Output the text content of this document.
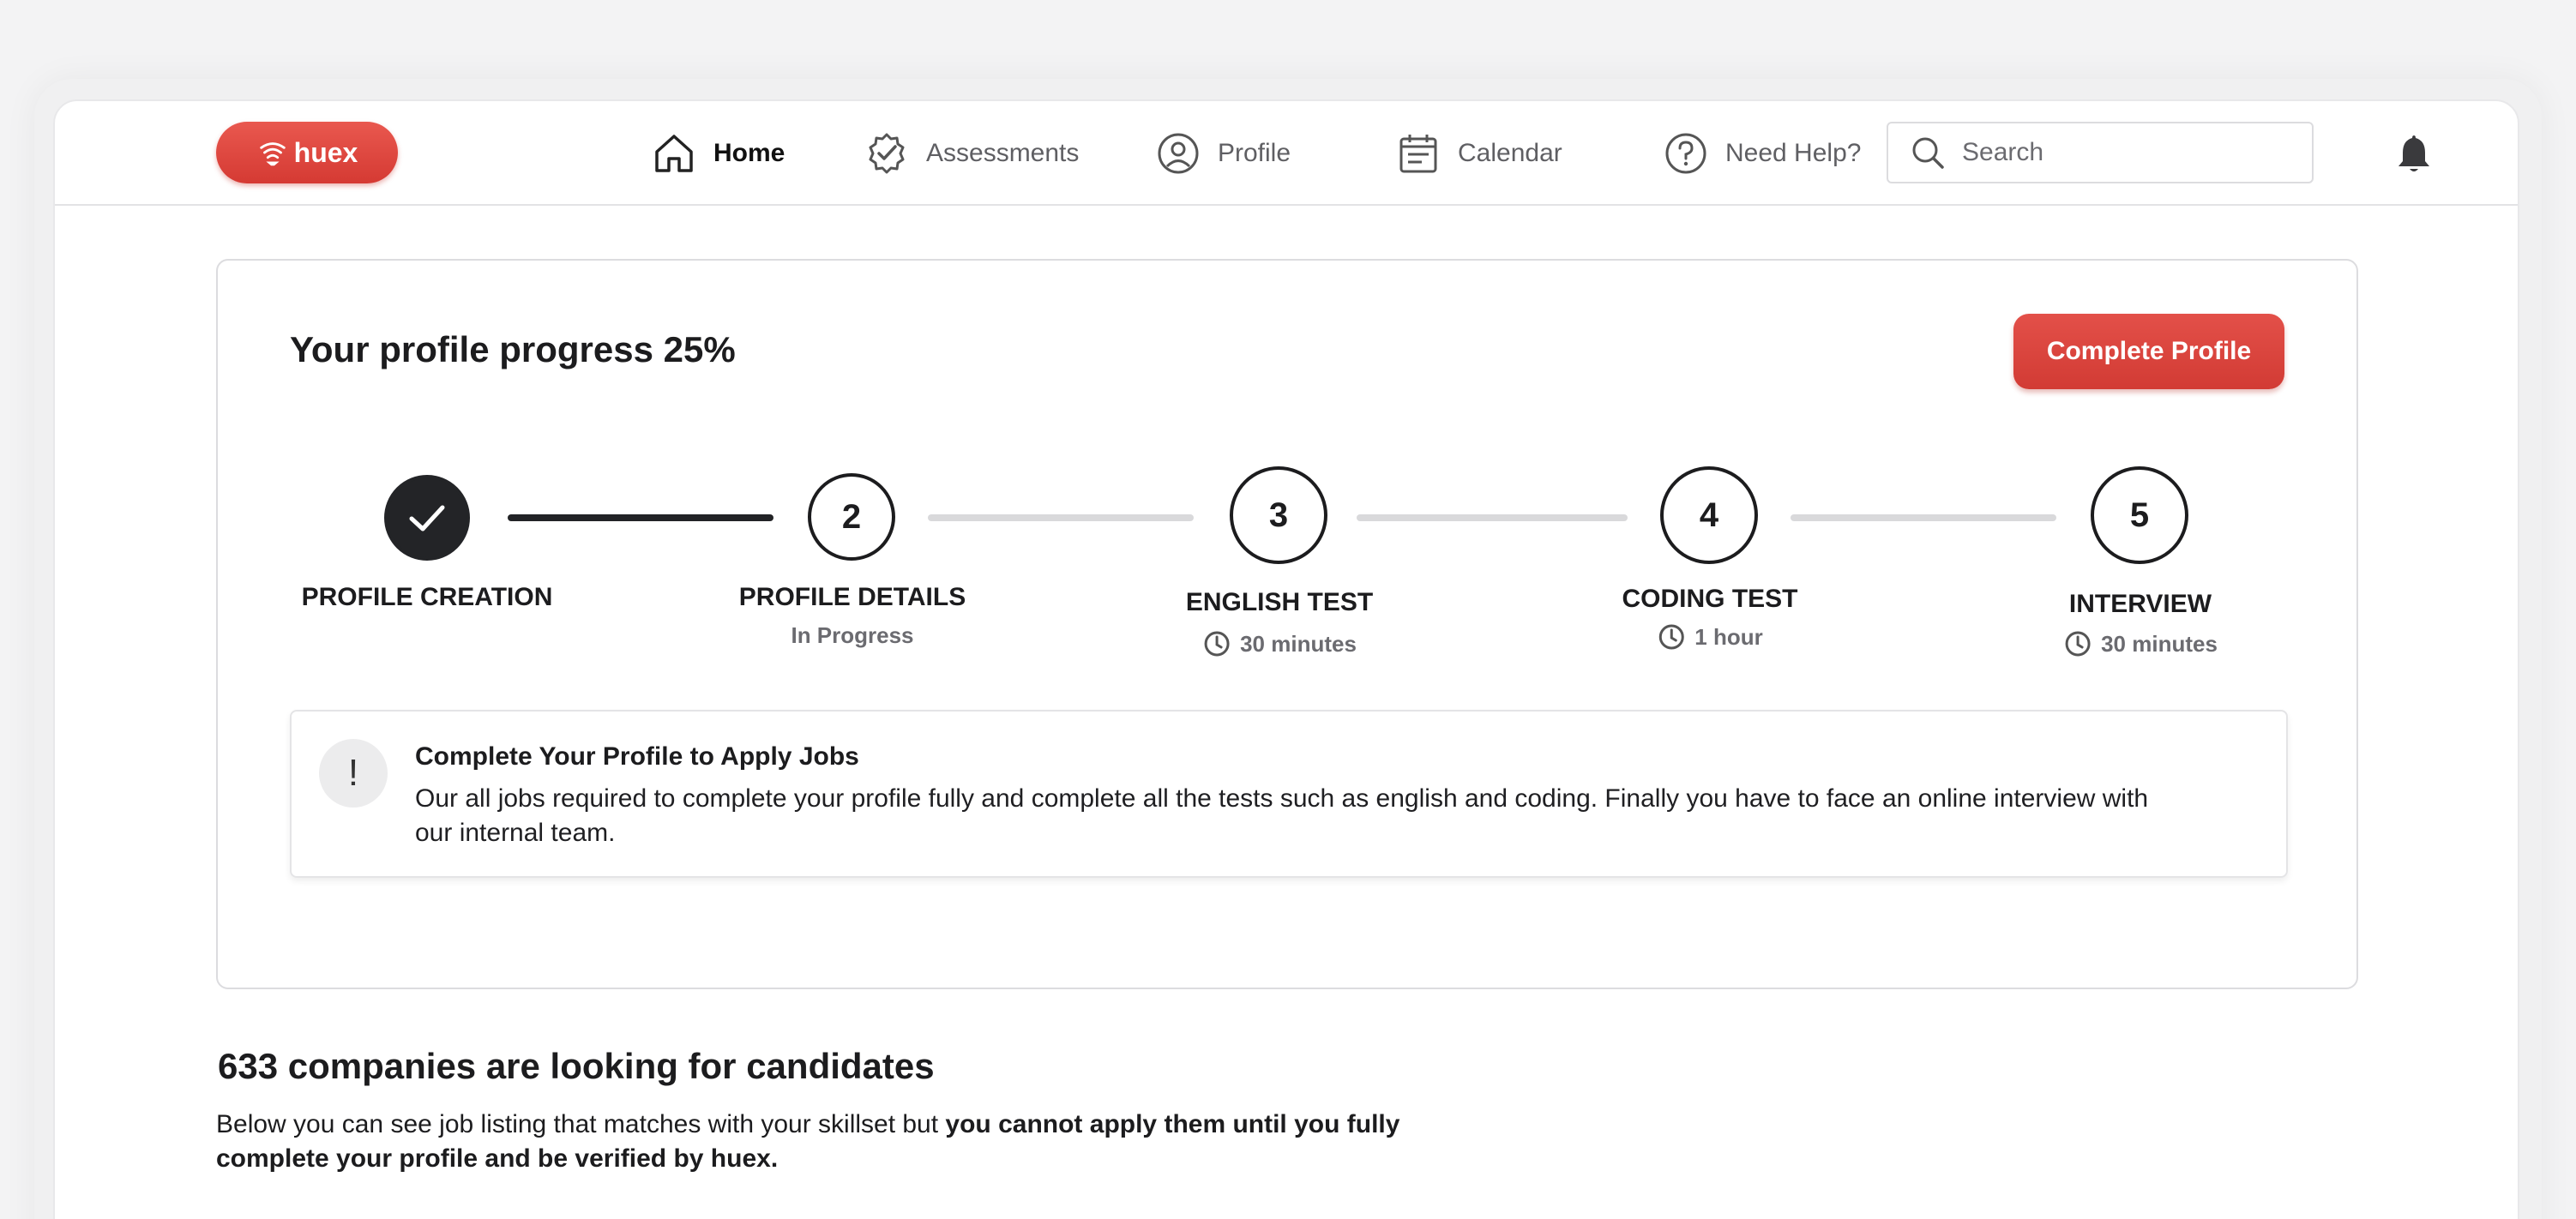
huex	Home	Assessments	Profile	Calendar	Need Help?
Search
Your profile progress 25%	Complete Profile
PROFILE CREATION
2
PROFILE DETAILS
In Progress
3
ENGLISH TEST
30 minutes
4
CODING TEST
1 hour
5
INTERVIEW
30 minutes
!	Complete Your Profile to Apply Jobs
Our all jobs required to complete your profile fully and complete all the tests such as english and coding. Finally you have to face an online interview with our internal team.
633 companies are looking for candidates
Below you can see job listing that matches with your skillset but you cannot apply them until you fully complete your profile and be verified by huex.
